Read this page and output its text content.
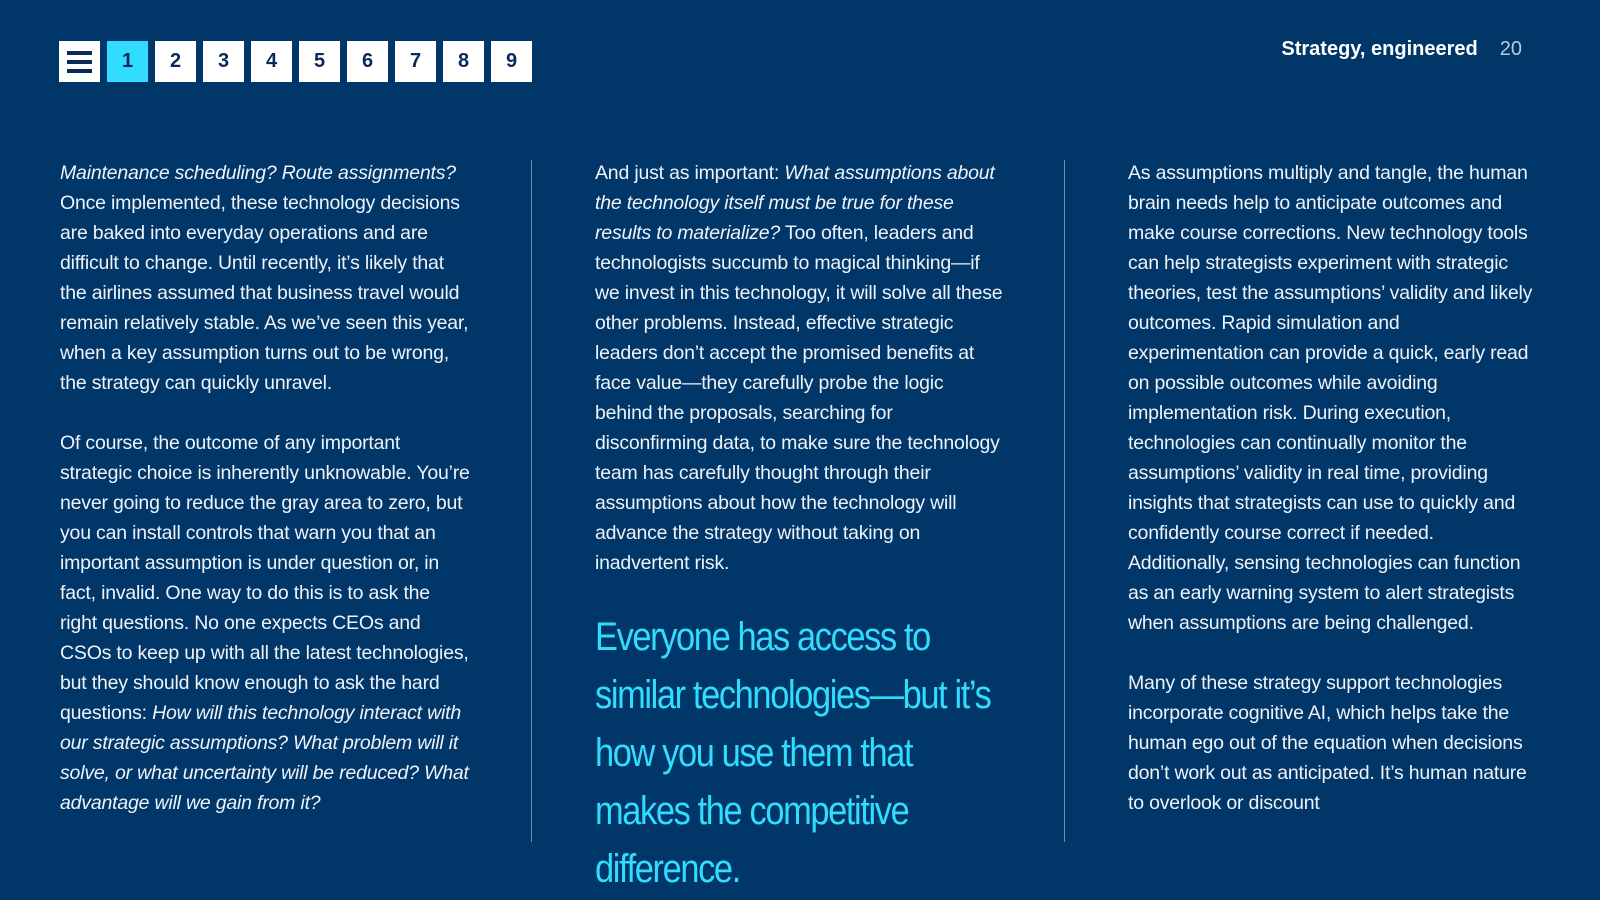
1	2	3	4	5	6	7	8	9
Strategy, engineered 20

Maintenance scheduling? Route assignments? Once implemented, these technology decisions are baked into everyday operations and are difficult to change. Until recently, it’s likely that the airlines assumed that business travel would remain relatively stable. As we’ve seen this year, when a key assumption turns out to be wrong, the strategy can quickly unravel.

Of course, the outcome of any important strategic choice is inherently unknowable. You’re never going to reduce the gray area to zero, but you can install controls that warn you that an important assumption is under question or, in fact, invalid. One way to do this is to ask the right questions. No one expects CEOs and CSOs to keep up with all the latest technologies, but they should know enough to ask the hard questions: How will this technology interact with our strategic assumptions? What problem will it solve, or what uncertainty will be reduced? What advantage will we gain from it?

And just as important: What assumptions about the technology itself must be true for these results to materialize? Too often, leaders and technologists succumb to magical thinking—if we invest in this technology, it will solve all these other problems. Instead, effective strategic leaders don’t accept the promised benefits at face value—they carefully probe the logic behind the proposals, searching for disconfirming data, to make sure the technology team has carefully thought through their assumptions about how the technology will advance the strategy without taking on inadvertent risk.

Everyone has access to similar technologies—but it’s how you use them that makes the competitive difference.

As assumptions multiply and tangle, the human brain needs help to anticipate outcomes and make course corrections. New technology tools can help strategists experiment with strategic theories, test the assumptions’ validity and likely outcomes. Rapid simulation and experimentation can provide a quick, early read on possible outcomes while avoiding implementation risk. During execution, technologies can continually monitor the assumptions’ validity in real time, providing insights that strategists can use to quickly and confidently course correct if needed. Additionally, sensing technologies can function as an early warning system to alert strategists when assumptions are being challenged.

Many of these strategy support technologies incorporate cognitive AI, which helps take the human ego out of the equation when decisions don’t work out as anticipated. It’s human nature to overlook or discount
